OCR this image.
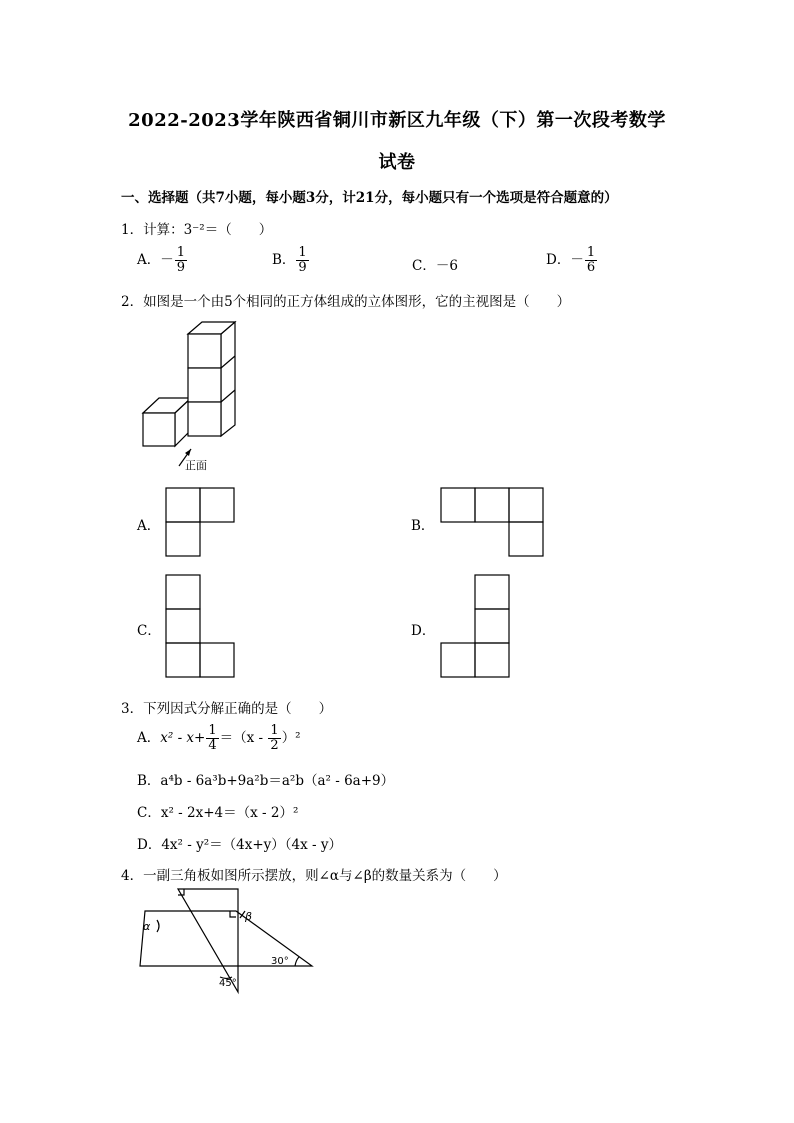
2022-2023学年陕西省铜川市新区九年级（下）第一次段考数学
试卷
一、选择题（共7小题，每小题3分，计21分，每小题只有一个选项是符合题意的）
1．计算：3⁻²＝（　　）
A．－ $\frac{1}{9}$	B． $\frac{1}{9}$	C．－6	D．－ $\frac{1}{6}$
2．如图是一个由5个相同的正方体组成的立体图形，它的主视图是（　　）
正面
A．	B．
C．	D．
3．下列因式分解正确的是（　　）
A．$x^2 - x+ \frac{1}{4} =(x - \frac{1}{2} )^2$
B．a⁴b - 6a³b+9a²b＝a²b（a² - 6a+9）
C．x² - 2x+4＝（x - 2）²
D．4x² - y²＝（4x+y）（4x - y）
4．一副三角板如图所示摆放，则∠α与∠β的数量关系为（　　）
α
β
30°
45°
